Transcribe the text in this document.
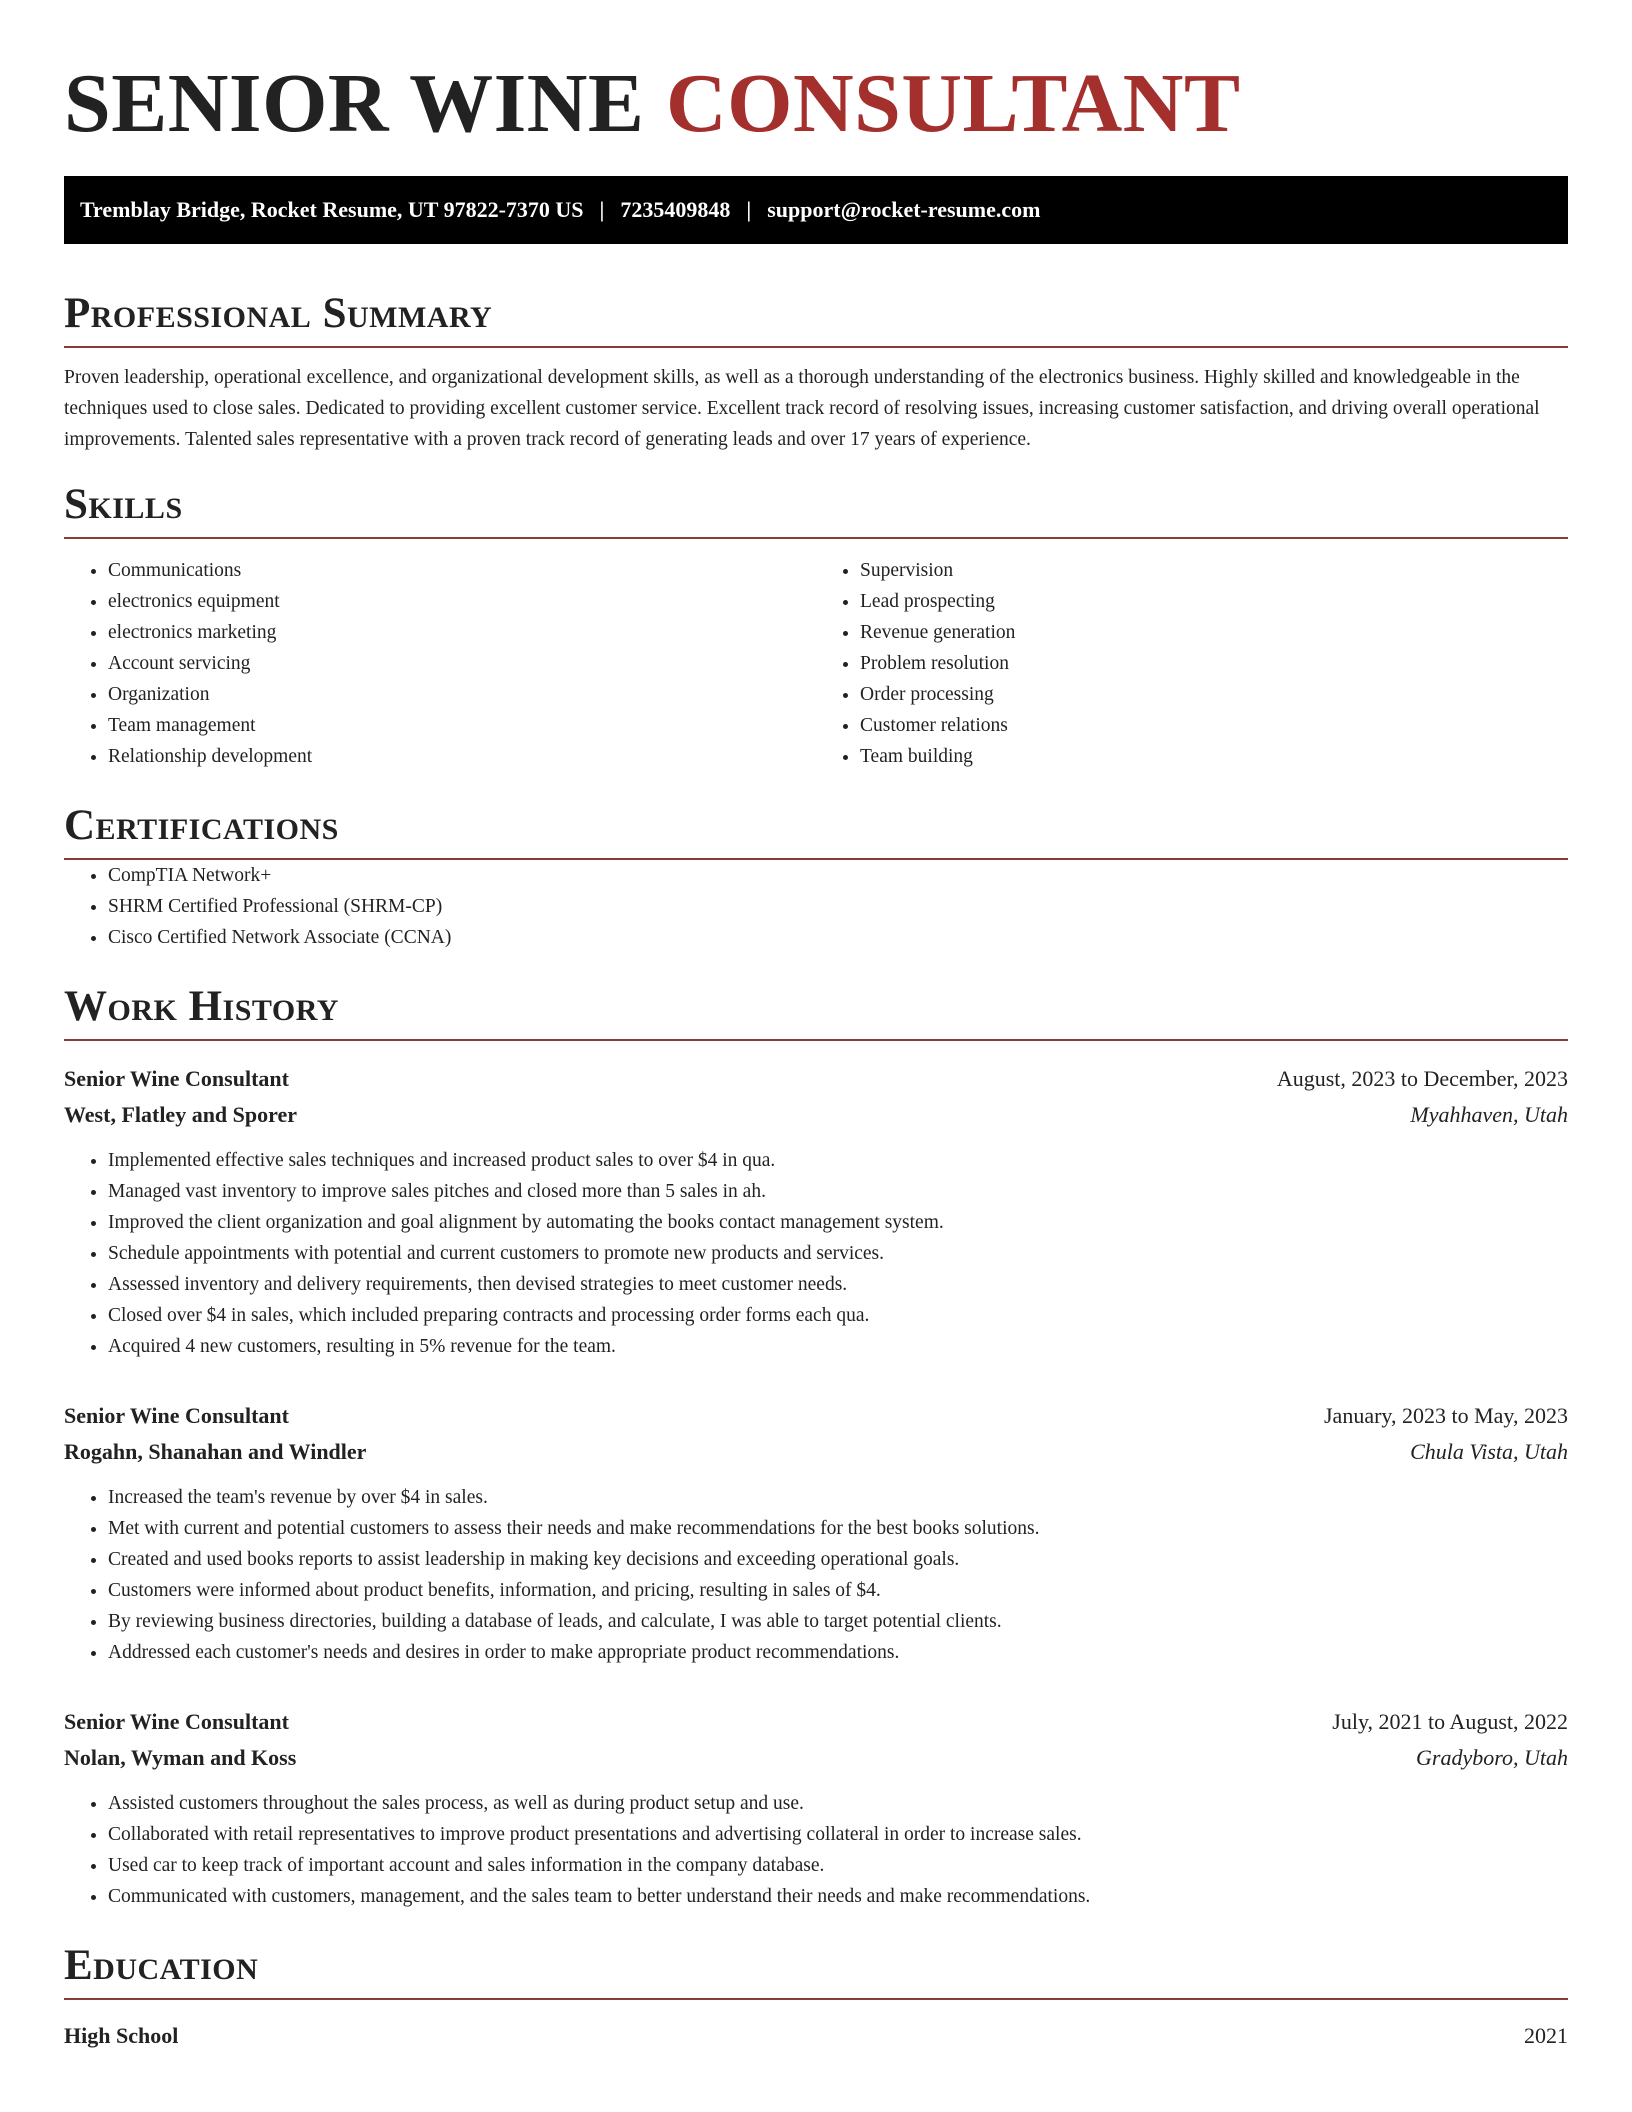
SENIOR WINE CONSULTANT
Tremblay Bridge, Rocket Resume, UT 97822-7370 US | 7235409848 | support@rocket-resume.com
Professional Summary

Proven leadership, operational excellence, and organizational development skills, as well as a thorough understanding of the electronics business. Highly skilled and knowledgeable in the techniques used to close sales. Dedicated to providing excellent customer service. Excellent track record of resolving issues, increasing customer satisfaction, and driving overall operational improvements. Talented sales representative with a proven track record of generating leads and over 17 years of experience.

Skills
• Communications
• electronics equipment
• electronics marketing
• Account servicing
• Organization
• Team management
• Relationship development
• Supervision
• Lead prospecting
• Revenue generation
• Problem resolution
• Order processing
• Customer relations
• Team building
Certifications
• CompTIA Network+
• SHRM Certified Professional (SHRM-CP)
• Cisco Certified Network Associate (CCNA)
Work History
Senior Wine Consultant	August, 2023 to December, 2023
West, Flatley and Sporer	Myahhaven, Utah
• Implemented effective sales techniques and increased product sales to over $4 in qua.
• Managed vast inventory to improve sales pitches and closed more than 5 sales in ah.
• Improved the client organization and goal alignment by automating the books contact management system.
• Schedule appointments with potential and current customers to promote new products and services.
• Assessed inventory and delivery requirements, then devised strategies to meet customer needs.
• Closed over $4 in sales, which included preparing contracts and processing order forms each qua.
• Acquired 4 new customers, resulting in 5% revenue for the team.
Senior Wine Consultant	January, 2023 to May, 2023
Rogahn, Shanahan and Windler	Chula Vista, Utah
• Increased the team's revenue by over $4 in sales.
• Met with current and potential customers to assess their needs and make recommendations for the best books solutions.
• Created and used books reports to assist leadership in making key decisions and exceeding operational goals.
• Customers were informed about product benefits, information, and pricing, resulting in sales of $4.
• By reviewing business directories, building a database of leads, and calculate, I was able to target potential clients.
• Addressed each customer's needs and desires in order to make appropriate product recommendations.
Senior Wine Consultant	July, 2021 to August, 2022
Nolan, Wyman and Koss	Gradyboro, Utah
• Assisted customers throughout the sales process, as well as during product setup and use.
• Collaborated with retail representatives to improve product presentations and advertising collateral in order to increase sales.
• Used car to keep track of important account and sales information in the company database.
• Communicated with customers, management, and the sales team to better understand their needs and make recommendations.
Education
High School	2021
